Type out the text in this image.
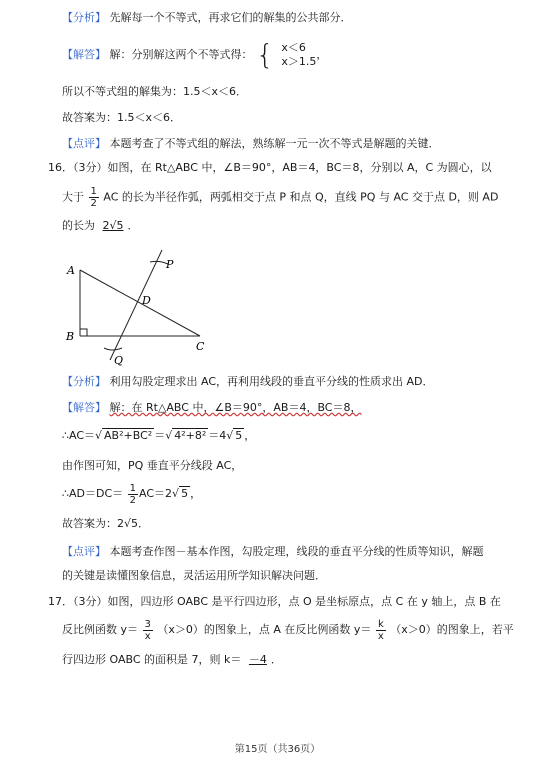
【分析】 先解每一个不等式，再求它们的解集的公共部分．
【解答】 解：分别解这两个不等式得： { x＜6
x＞1.5
，
所以不等式组的解集为：1.5＜x＜6．
故答案为：1.5＜x＜6．
【点评】 本题考查了不等式组的解法，熟练解一元一次不等式是解题的关键．
16．（3分）如图，在 Rt△ABC 中，∠B＝90°，AB＝4，BC＝8，分别以 A，C 为圆心，以
大于 $\frac{1}{2}$ AC 的长为半径作弧，两弧相交于点 P 和点 Q，直线 PQ 与 AC 交于点 D，则 AD
的长为 2√5 ．
A
B
C
D
P
Q
【分析】 利用勾股定理求出 AC，再利用线段的垂直平分线的性质求出 AD．
【解答】 解：在 Rt△ABC 中，∠B＝90°，AB＝4，BC＝8，
∴AC＝√ AB²+BC² ＝√ 4²+8² ＝4√ 5 ，
由作图可知，PQ 垂直平分线段 AC，
∴AD＝DC＝ $\frac{1}{2} AC=2√$ 5 ，
故答案为：2√5．
【点评】 本题考查作图－基本作图，勾股定理，线段的垂直平分线的性质等知识，解题
的关键是读懂图象信息，灵活运用所学知识解决问题．
17．（3分）如图，四边形 OABC 是平行四边形，点 O 是坐标原点，点 C 在 y 轴上，点 B 在
反比例函数 $y= \frac{3}{x} (x>0)$的图象上，点 A 在反比例函数 $y= \frac{k}{x} (x>0)$的图象上，若平
行四边形 OABC 的面积是 7，则 k＝ －4 ．
第15页（共36页）
